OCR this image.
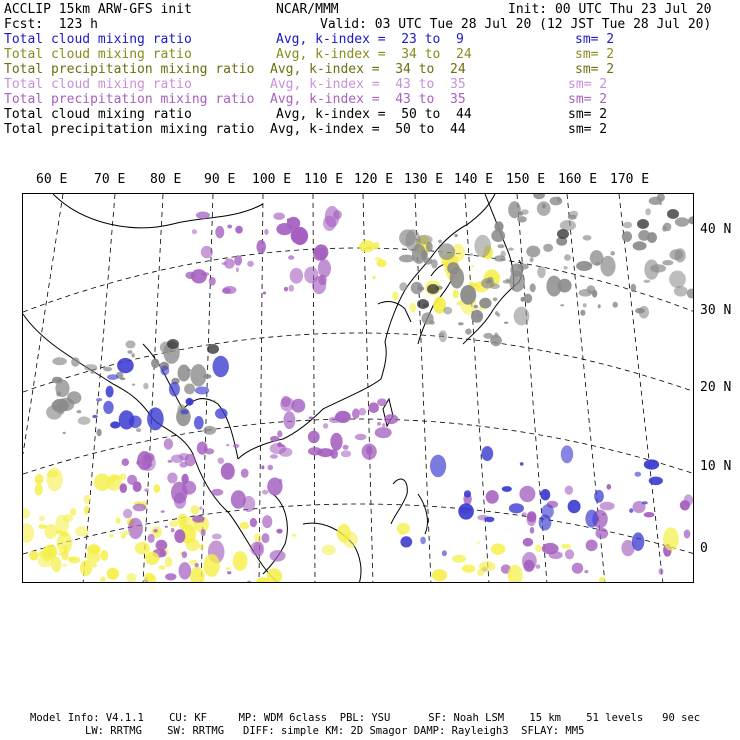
ACCLIP 15km ARW-GFS init	NCAR/MMM	Init: 00 UTC Thu 23 Jul 20
Fcst:  123 h	Valid: 03 UTC Tue 28 Jul 20 (12 JST Tue 28 Jul 20)
Total cloud mixing ratio	Avg, k-index =  23 to  9	sm= 2
Total cloud mixing ratio	Avg, k-index =  34 to  24	sm= 2
Total precipitation mixing ratio Avg, k-index =  34 to  24	sm= 2
Total cloud mixing ratio	Avg, k-index =  43 to  35	sm= 2
Total precipitation mixing ratio Avg, k-index =  43 to  35	sm= 2
Total cloud mixing ratio	Avg, k-index =  50 to  44	sm= 2
Total precipitation mixing ratio Avg, k-index =  50 to  44	sm= 2
60 E 70 E 80 E 90 E 100 E 110 E 120 E 130 E 140 E 150 E 160 E 170 E
40 N
30 N
20 N
10 N
0
Model Info: V4.1.1    CU: KF     MP: WDM 6class  PBL: YSU      SF: Noah LSM    15 km    51 levels   90 sec
LW: RRTMG    SW: RRTMG   DIFF: simple KM: 2D Smagor DAMP: Rayleigh3  SFLAY: MM5
